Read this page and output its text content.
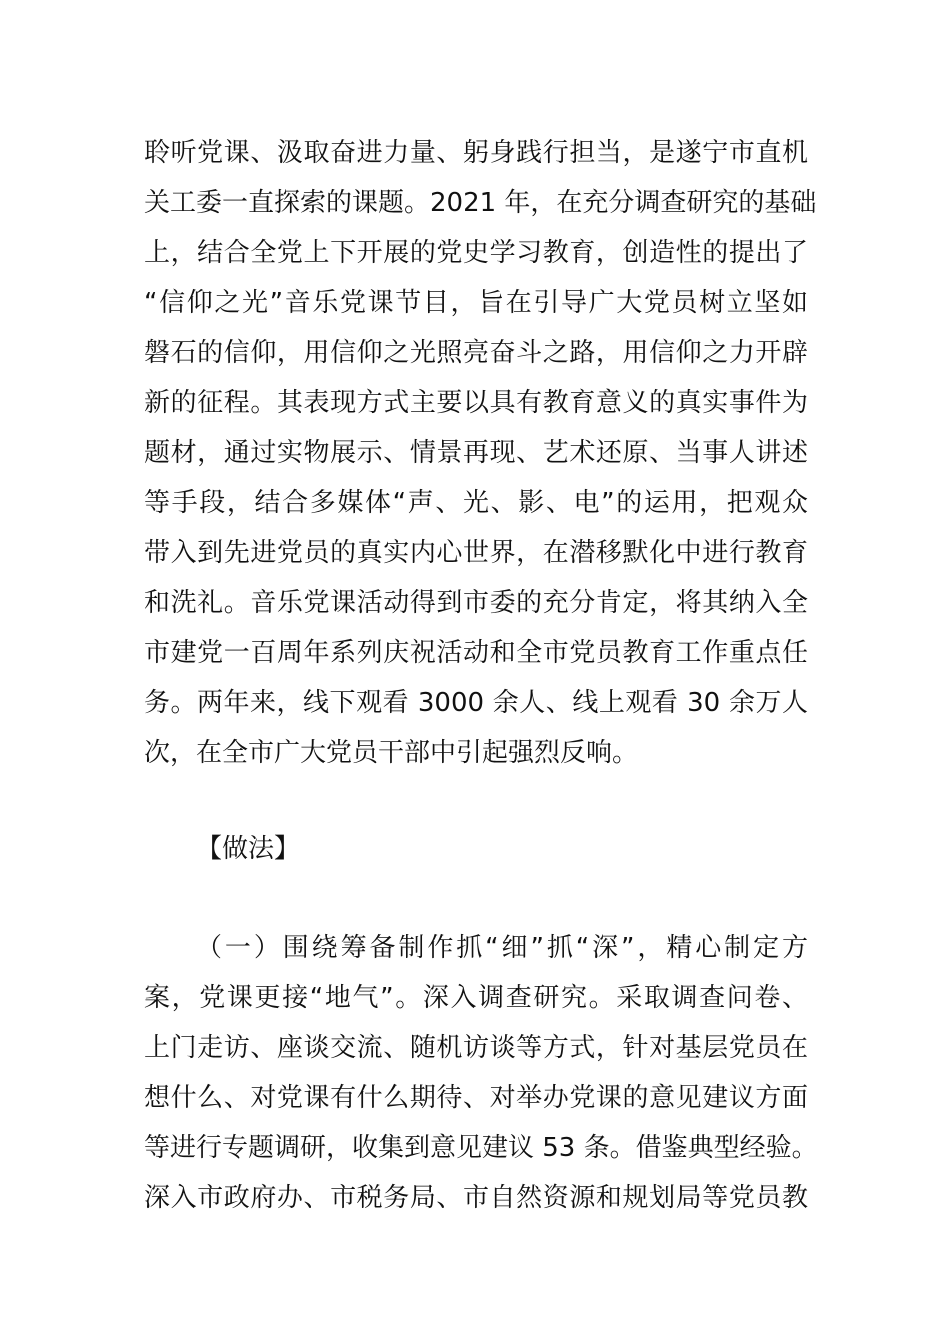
聆听党课、汲取奋进力量、躬身践行担当，是遂宁市直机
关工委一直探索的课题。2021 年，在充分调查研究的基础
上，结合全党上下开展的党史学习教育，创造性的提出了
“信仰之光”音乐党课节目，旨在引导广大党员树立坚如
磐石的信仰，用信仰之光照亮奋斗之路，用信仰之力开辟
新的征程。其表现方式主要以具有教育意义的真实事件为
题材，通过实物展示、情景再现、艺术还原、当事人讲述
等手段，结合多媒体“声、光、影、电”的运用，把观众
带入到先进党员的真实内心世界，在潜移默化中进行教育
和洗礼。音乐党课活动得到市委的充分肯定，将其纳入全
市建党一百周年系列庆祝活动和全市党员教育工作重点任
务。两年来，线下观看 3000 余人、线上观看 30 余万人
次，在全市广大党员干部中引起强烈反响。
【做法】
（一）围绕筹备制作抓“细”抓“深”，精心制定方
案，党课更接“地气”。深入调查研究。采取调查问卷、
上门走访、座谈交流、随机访谈等方式，针对基层党员在
想什么、对党课有什么期待、对举办党课的意见建议方面
等进行专题调研，收集到意见建议 53 条。借鉴典型经验。
深入市政府办、市税务局、市自然资源和规划局等党员教
